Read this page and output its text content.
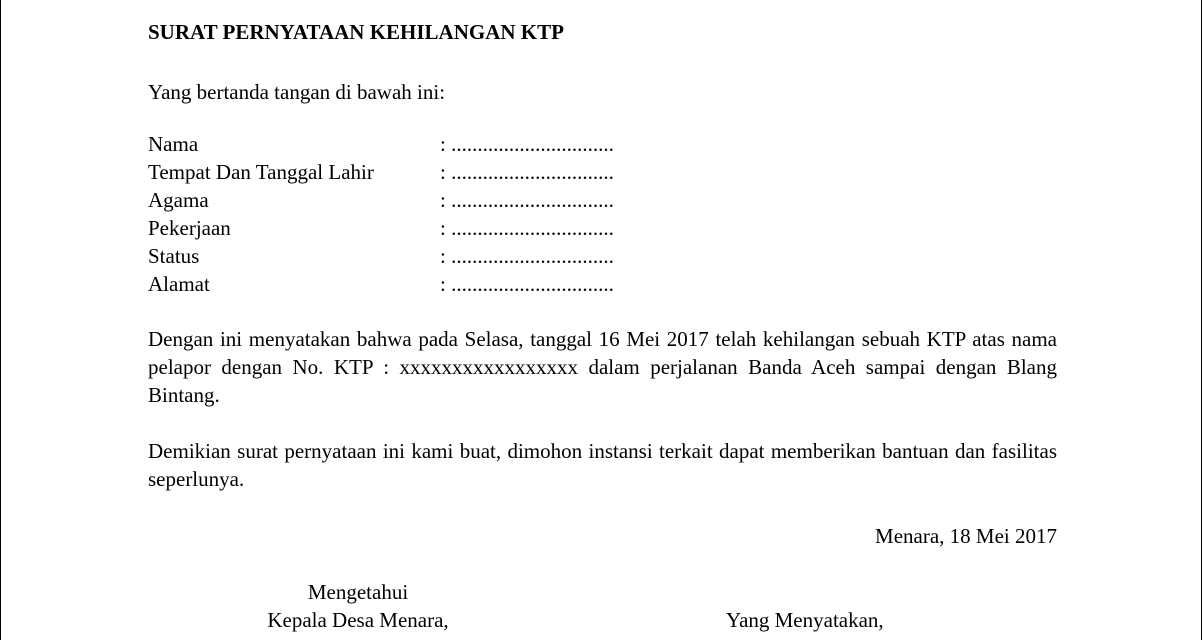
SURAT PERNYATAAN KEHILANGAN KTP

Yang bertanda tangan di bawah ini:

Nama	: ...............................
Tempat Dan Tanggal Lahir	: ...............................
Agama	: ...............................
Pekerjaan	: ...............................
Status	: ...............................
Alamat	: ...............................

Dengan ini menyatakan bahwa pada Selasa, tanggal 16 Mei 2017 telah kehilangan sebuah KTP atas nama pelapor dengan No. KTP : xxxxxxxxxxxxxxxxx dalam perjalanan Banda Aceh sampai dengan Blang Bintang.

Demikian surat pernyataan ini kami buat, dimohon instansi terkait dapat memberikan bantuan dan fasilitas seperlunya.

Menara, 18 Mei 2017

Mengetahui
Kepala Desa Menara,	Yang Menyatakan,
